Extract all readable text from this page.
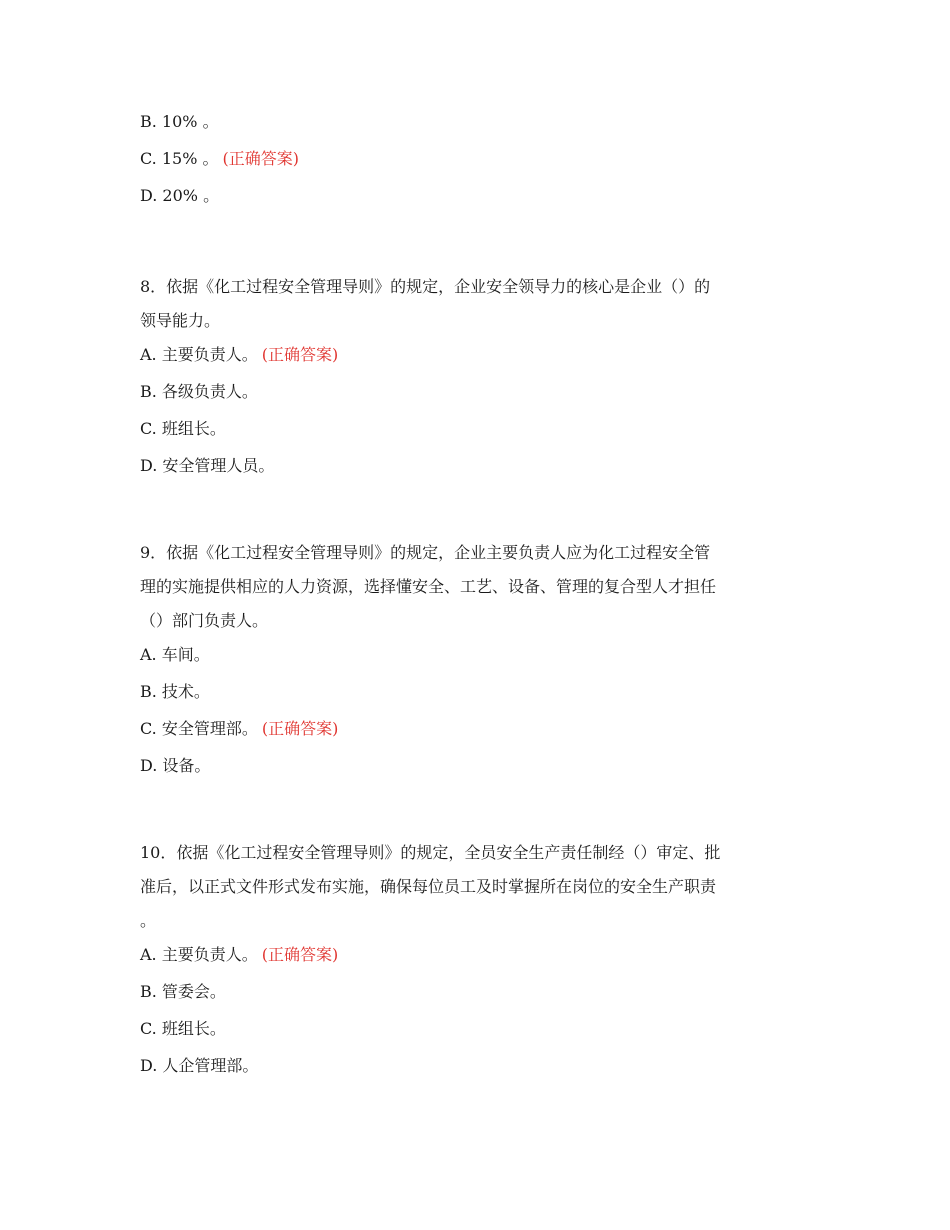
B. 10% 。

C. 15% 。 (正确答案)

D. 20% 。

8．依据《化工过程安全管理导则》的规定，企业安全领导力的核心是企业（）的

领导能力。

A. 主要负责人。 (正确答案)

B. 各级负责人。

C. 班组长。

D. 安全管理人员。

9．依据《化工过程安全管理导则》的规定，企业主要负责人应为化工过程安全管

理的实施提供相应的人力资源，选择懂安全、工艺、设备、管理的复合型人才担任

（）部门负责人。

A. 车间。

B. 技术。

C. 安全管理部。 (正确答案)

D. 设备。

10．依据《化工过程安全管理导则》的规定，全员安全生产责任制经（）审定、批

准后，以正式文件形式发布实施，确保每位员工及时掌握所在岗位的安全生产职责

。

A. 主要负责人。 (正确答案)

B. 管委会。

C. 班组长。

D. 人企管理部。
